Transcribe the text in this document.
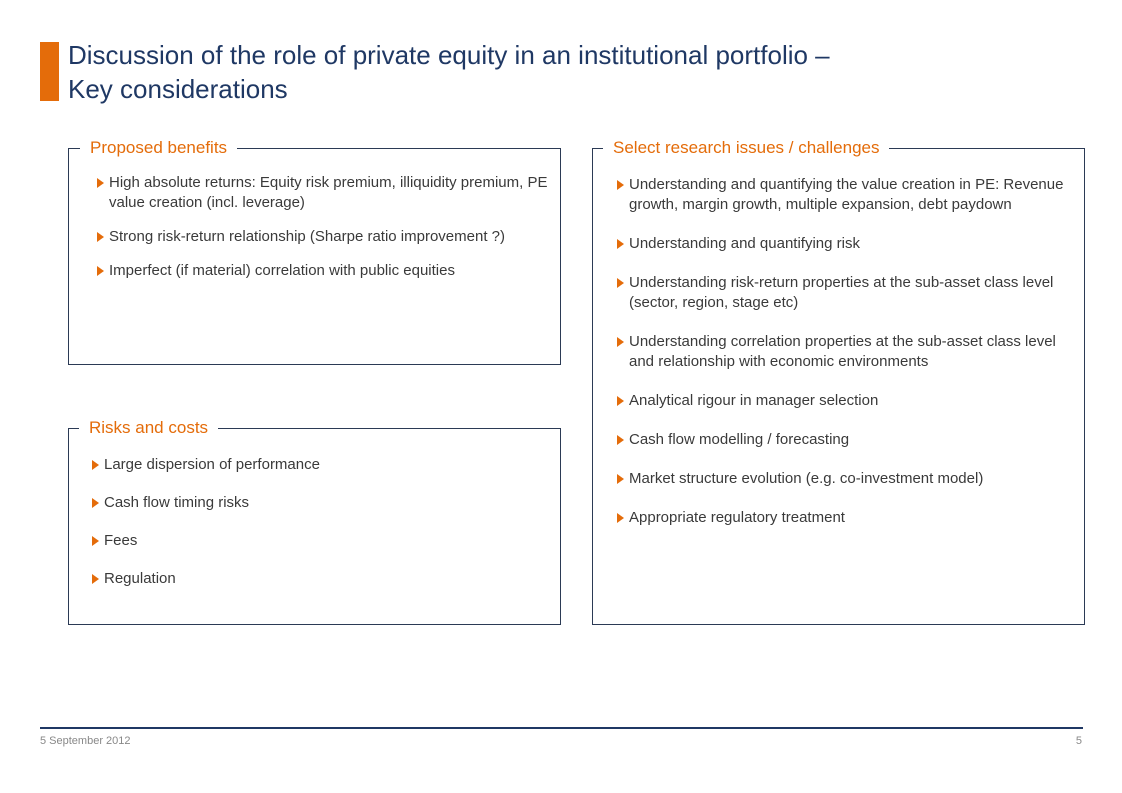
Discussion of the role of private equity in an institutional portfolio –
Key considerations
Proposed benefits
High absolute returns: Equity risk premium, illiquidity premium, PE value creation (incl. leverage)
Strong risk-return relationship (Sharpe ratio improvement ?)
Imperfect (if material) correlation with public equities
Risks and costs
Large dispersion of performance
Cash flow timing risks
Fees
Regulation
Select research issues / challenges
Understanding and quantifying the value creation in PE: Revenue growth, margin growth, multiple expansion, debt paydown
Understanding and quantifying risk
Understanding risk-return properties at the sub-asset class level (sector, region, stage etc)
Understanding correlation properties at the sub-asset class level and relationship with economic environments
Analytical rigour in manager selection
Cash flow modelling / forecasting
Market structure evolution (e.g. co-investment model)
Appropriate regulatory treatment
5 September 2012	5
